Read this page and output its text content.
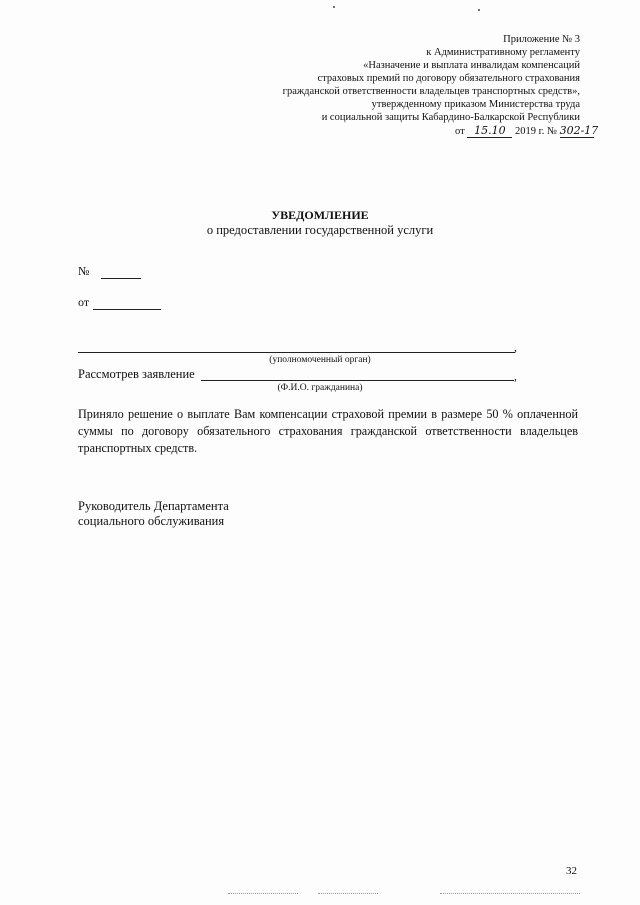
Приложение № 3
к Административному регламенту
«Назначение и выплата инвалидам компенсаций
страховых премий по договору обязательного страхования
гражданской ответственности владельцев транспортных средств»,
утвержденному приказом Министерства труда
и социальной защиты Кабардино-Балкарской Республики
от 15.10 2019 г. № 302-17
УВЕДОМЛЕНИЕ
о предоставлении государственной услуги
№
от
,
(уполномоченный орган)
Рассмотрев заявление	,
(Ф.И.О. гражданина)
Приняло решение о выплате Вам компенсации страховой премии в размере 50 % оплаченной суммы по договору обязательного страхования гражданской ответственности владельцев транспортных средств.
Руководитель Департамента
социального обслуживания
32
